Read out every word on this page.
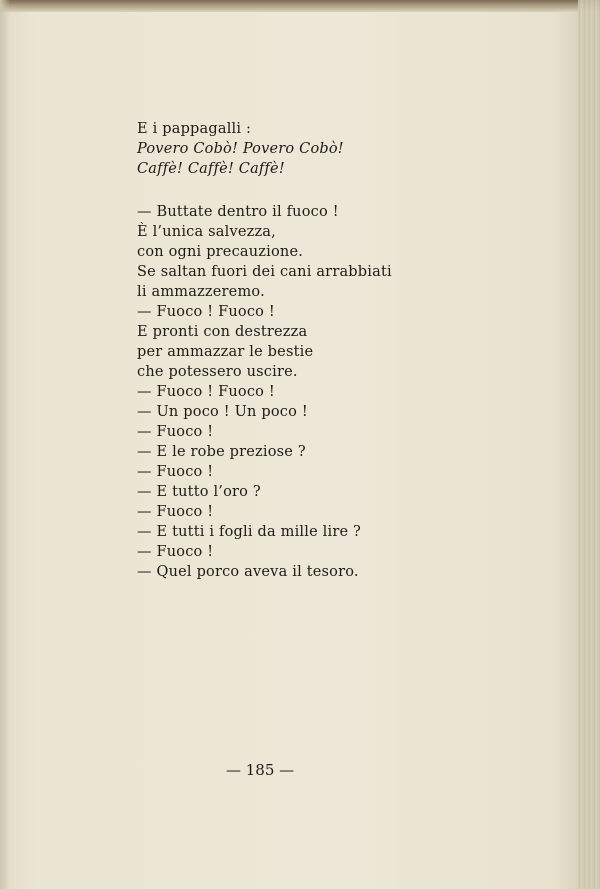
E i pappagalli :
Povero Cobò! Povero Cobò!
Caffè! Caffè! Caffè!
— Buttate dentro il fuoco !
È l’unica salvezza,
con ogni precauzione.
Se saltan fuori dei cani arrabbiati
li ammazzeremo.
— Fuoco ! Fuoco !
E pronti con destrezza
per ammazzar le bestie
che potessero uscire.
— Fuoco ! Fuoco !
— Un poco ! Un poco !
— Fuoco !
— E le robe preziose ?
— Fuoco !
— E tutto l’oro ?
— Fuoco !
— E tutti i fogli da mille lire ?
— Fuoco !
— Quel porco aveva il tesoro.
— 185 —
